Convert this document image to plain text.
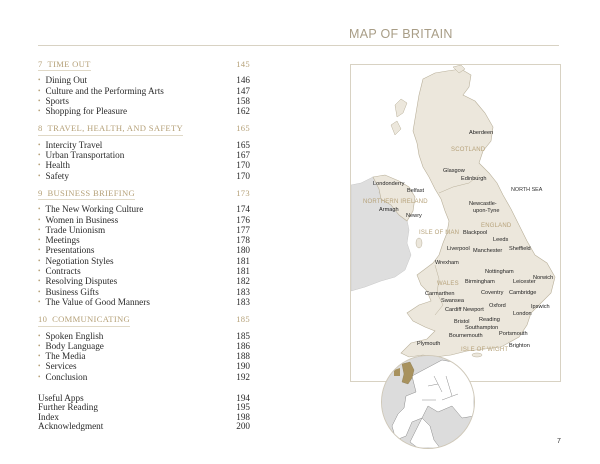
MAP OF BRITAIN
7 TIME OUT	145
• Dining Out	146
• Culture and the Performing Arts	147
• Sports	158
• Shopping for Pleasure	162
8 TRAVEL, HEALTH, AND SAFETY	165
• Intercity Travel	165
• Urban Transportation	167
• Health	170
• Safety	170
9 BUSINESS BRIEFING	173
• The New Working Culture	174
• Women in Business	176
• Trade Unionism	177
• Meetings	178
• Presentations	180
• Negotiation Styles	181
• Contracts	181
• Resolving Disputes	182
• Business Gifts	183
• The Value of Good Manners	183
10 COMMUNICATING	185
• Spoken English	185
• Body Language	186
• The Media	188
• Services	190
• Conclusion	192
Useful Apps	194
Further Reading	195
Index	198
Acknowledgment	200
SCOTLAND
NORTHERN IRELAND
ISLE OF MAN
ENGLAND
WALES
ISLE OF WIGHT
NORTH SEA
Aberdeen
Glasgow
Edinburgh
Londonderry
Belfast
Armagh
Newry
Newcastle-
upon-Tyne
Blackpool
Leeds
Liverpool Manchester Sheffield
Wrexham
Nottingham
Norwich
Birmingham	Leicester
Carmarthen	Coventry Cambridge
Swansea
Ipswich
Cardiff Newport
Oxford
London
Bristol Reading
Southampton
Bournemouth	Portsmouth
Plymouth	Brighton
7
